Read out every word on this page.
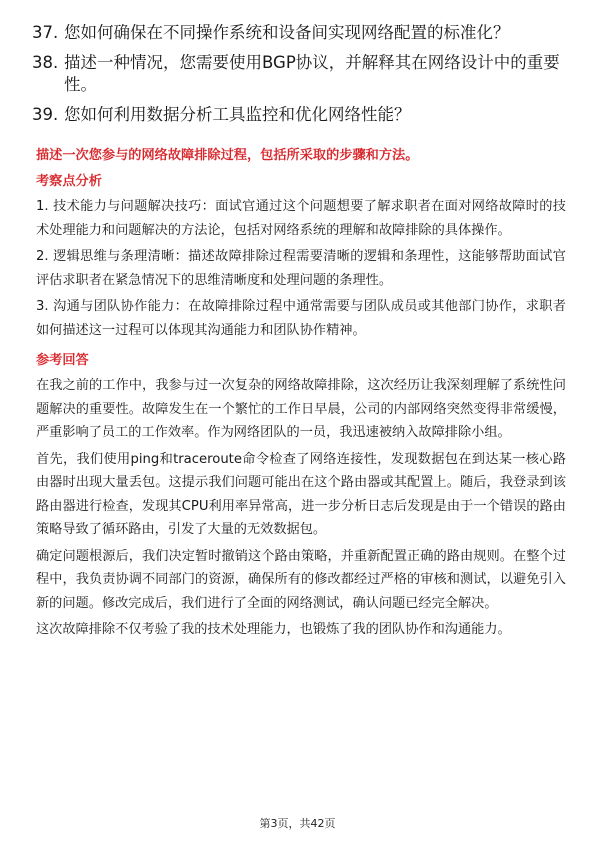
37. 您如何确保在不同操作系统和设备间实现网络配置的标准化？
38. 描述一种情况，您需要使用BGP协议，并解释其在网络设计中的重要性。
39. 您如何利用数据分析工具监控和优化网络性能？

描述一次您参与的网络故障排除过程，包括所采取的步骤和方法。

考察点分析

1. 技术能力与问题解决技巧：面试官通过这个问题想要了解求职者在面对网络故障时的技术处理能力和问题解决的方法论，包括对网络系统的理解和故障排除的具体操作。

2. 逻辑思维与条理清晰：描述故障排除过程需要清晰的逻辑和条理性，这能够帮助面试官评估求职者在紧急情况下的思维清晰度和处理问题的条理性。

3. 沟通与团队协作能力：在故障排除过程中通常需要与团队成员或其他部门协作，求职者如何描述这一过程可以体现其沟通能力和团队协作精神。

参考回答

在我之前的工作中，我参与过一次复杂的网络故障排除，这次经历让我深刻理解了系统性问题解决的重要性。故障发生在一个繁忙的工作日早晨，公司的内部网络突然变得非常缓慢，严重影响了员工的工作效率。作为网络团队的一员，我迅速被纳入故障排除小组。

首先，我们使用ping和traceroute命令检查了网络连接性，发现数据包在到达某一核心路由器时出现大量丢包。这提示我们问题可能出在这个路由器或其配置上。随后，我登录到该路由器进行检查，发现其CPU利用率异常高，进一步分析日志后发现是由于一个错误的路由策略导致了循环路由，引发了大量的无效数据包。

确定问题根源后，我们决定暂时撤销这个路由策略，并重新配置正确的路由规则。在整个过程中，我负责协调不同部门的资源，确保所有的修改都经过严格的审核和测试，以避免引入新的问题。修改完成后，我们进行了全面的网络测试，确认问题已经完全解决。

这次故障排除不仅考验了我的技术处理能力，也锻炼了我的团队协作和沟通能力。

第3页，共42页
